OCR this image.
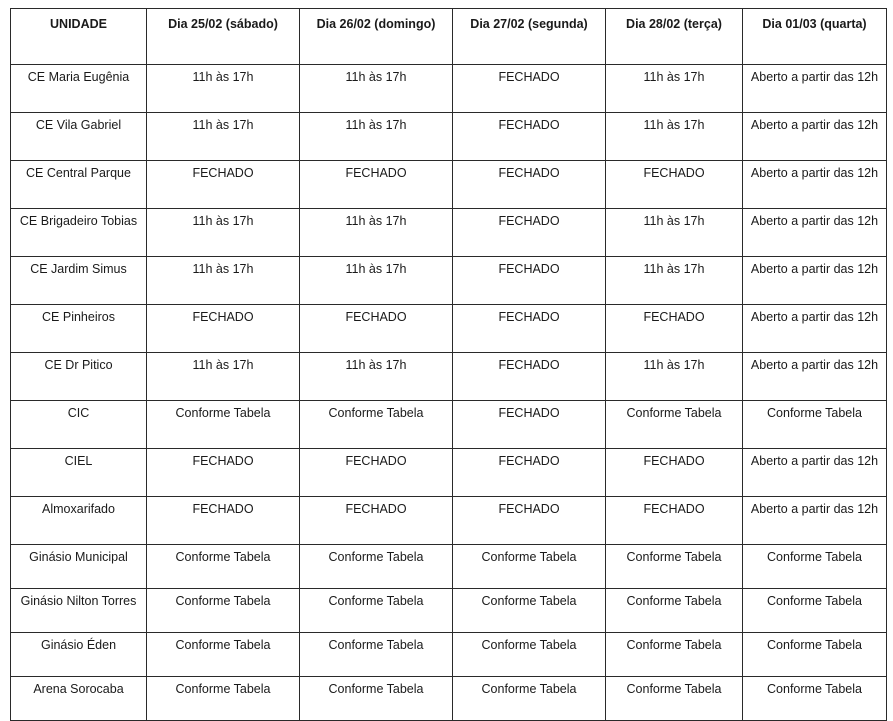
UNIDADE	Dia 25/02 (sábado)	Dia 26/02 (domingo)	Dia 27/02 (segunda)	Dia 28/02 (terça)	Dia 01/03 (quarta)
CE Maria Eugênia	11h às 17h	11h às 17h	FECHADO	11h às 17h	Aberto a partir das 12h
CE Vila Gabriel	11h às 17h	11h às 17h	FECHADO	11h às 17h	Aberto a partir das 12h
CE Central Parque	FECHADO	FECHADO	FECHADO	FECHADO	Aberto a partir das 12h
CE Brigadeiro Tobias	11h às 17h	11h às 17h	FECHADO	11h às 17h	Aberto a partir das 12h
CE Jardim Simus	11h às 17h	11h às 17h	FECHADO	11h às 17h	Aberto a partir das 12h
CE Pinheiros	FECHADO	FECHADO	FECHADO	FECHADO	Aberto a partir das 12h
CE Dr Pitico	11h às 17h	11h às 17h	FECHADO	11h às 17h	Aberto a partir das 12h
CIC	Conforme Tabela	Conforme Tabela	FECHADO	Conforme Tabela	Conforme Tabela
CIEL	FECHADO	FECHADO	FECHADO	FECHADO	Aberto a partir das 12h
Almoxarifado	FECHADO	FECHADO	FECHADO	FECHADO	Aberto a partir das 12h
Ginásio Municipal	Conforme Tabela	Conforme Tabela	Conforme Tabela	Conforme Tabela	Conforme Tabela
Ginásio Nilton Torres	Conforme Tabela	Conforme Tabela	Conforme Tabela	Conforme Tabela	Conforme Tabela
Ginásio Éden	Conforme Tabela	Conforme Tabela	Conforme Tabela	Conforme Tabela	Conforme Tabela
Arena Sorocaba	Conforme Tabela	Conforme Tabela	Conforme Tabela	Conforme Tabela	Conforme Tabela
